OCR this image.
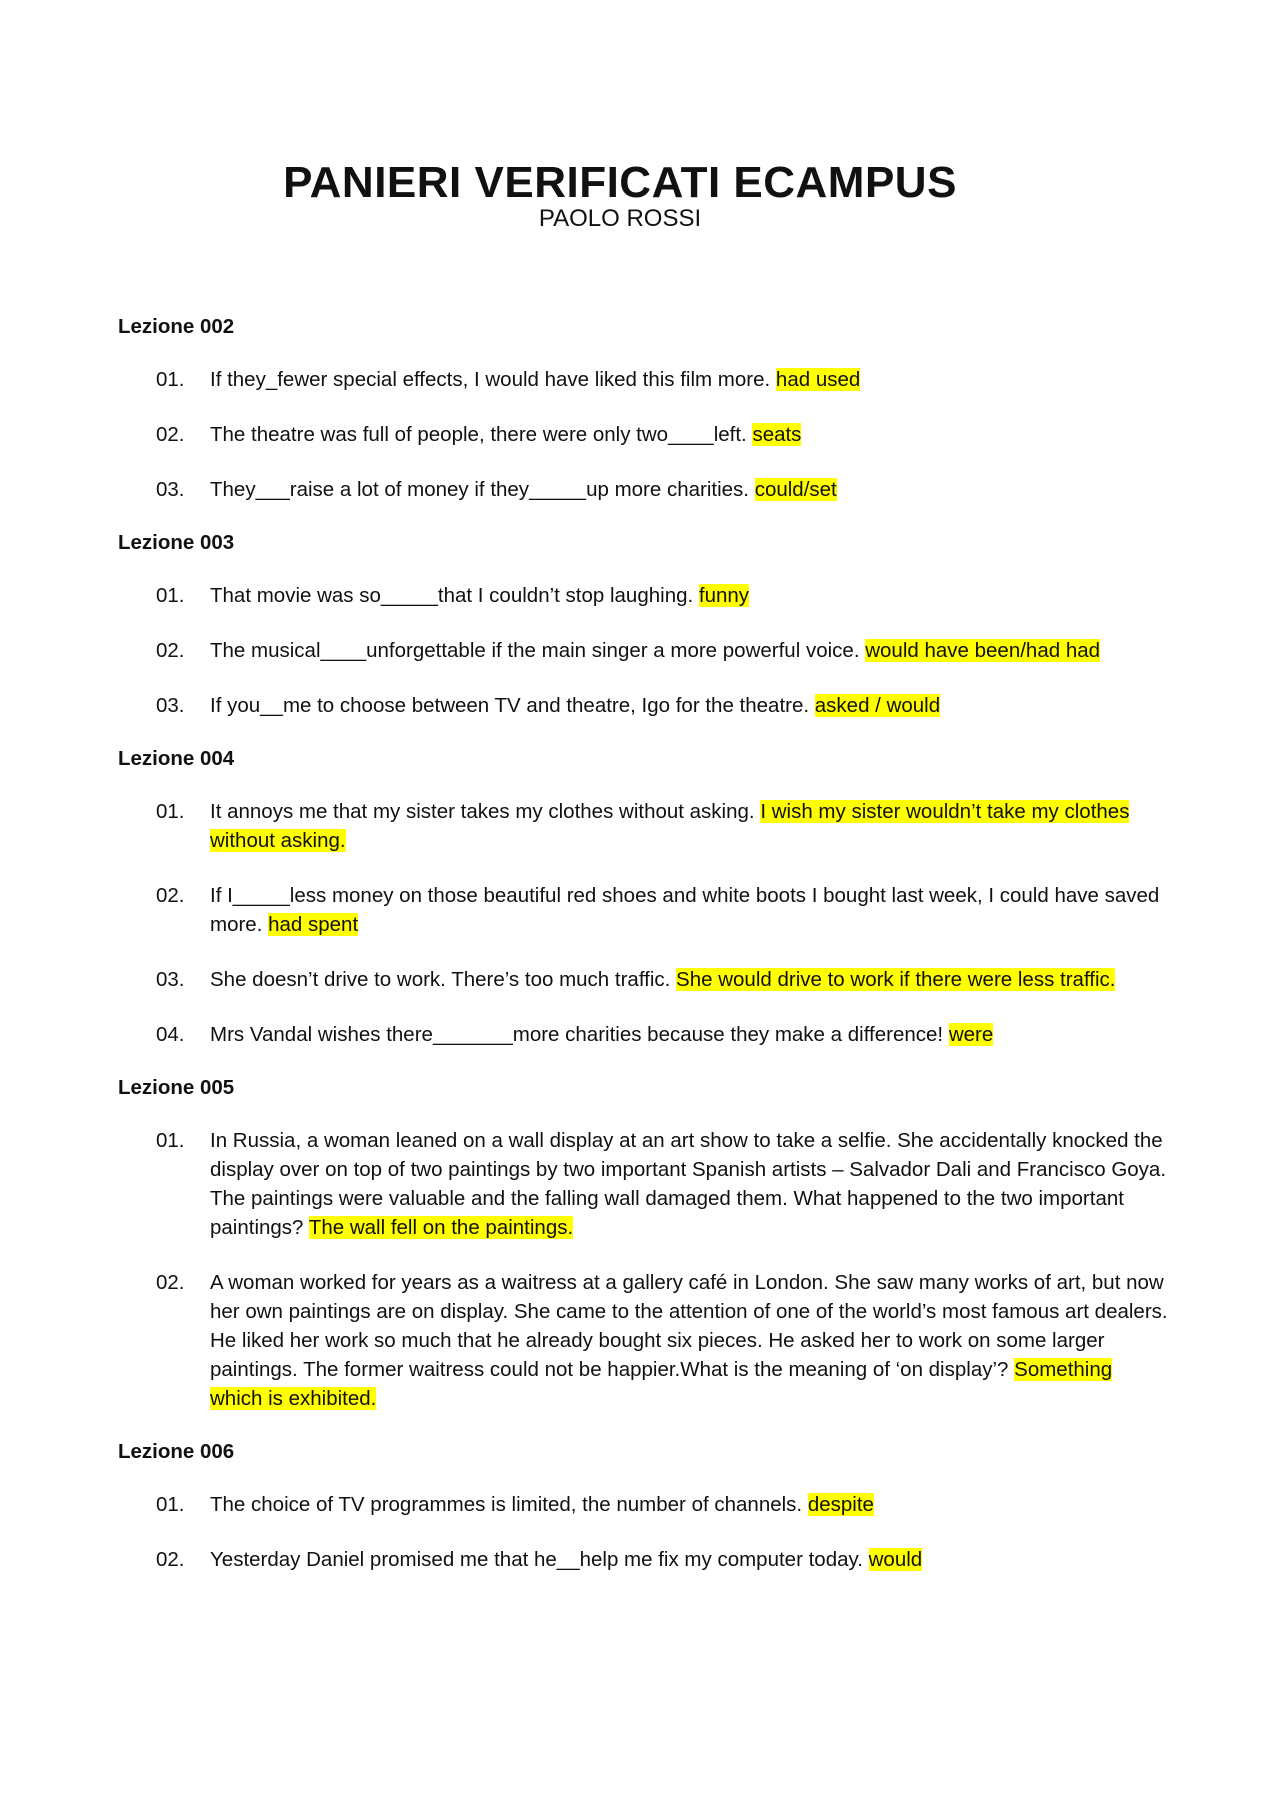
PANIERI VERIFICATI ECAMPUS

PAOLO ROSSI

Lezione 002
01.	If they_fewer special effects, I would have liked this film more. had used
02.	The theatre was full of people, there were only two____left. seats
03.	They___raise a lot of money if they_____up more charities. could/set
Lezione 003
01.	That movie was so_____that I couldn’t stop laughing. funny
02.	The musical____unforgettable if the main singer a more powerful voice. would have been/had had
03.	If you__me to choose between TV and theatre, Igo for the theatre. asked / would
Lezione 004
01.	It annoys me that my sister takes my clothes without asking. I wish my sister wouldn’t take my clothes without asking.
02.	If I_____less money on those beautiful red shoes and white boots I bought last week, I could have saved more. had spent
03.	She doesn’t drive to work. There’s too much traffic. She would drive to work if there were less traffic.
04.	Mrs Vandal wishes there_______more charities because they make a difference! were
Lezione 005
01.	In Russia, a woman leaned on a wall display at an art show to take a selfie. She accidentally knocked the display over on top of two paintings by two important Spanish artists – Salvador Dali and Francisco Goya. The paintings were valuable and the falling wall damaged them. What happened to the two important paintings? The wall fell on the paintings.
02.	A woman worked for years as a waitress at a gallery café in London. She saw many works of art, but now her own paintings are on display. She came to the attention of one of the world’s most famous art dealers. He liked her work so much that he already bought six pieces. He asked her to work on some larger paintings. The former waitress could not be happier.What is the meaning of ‘on display’? Something which is exhibited.
Lezione 006
01.	The choice of TV programmes is limited, the number of channels. despite
02.	Yesterday Daniel promised me that he__help me fix my computer today. would
